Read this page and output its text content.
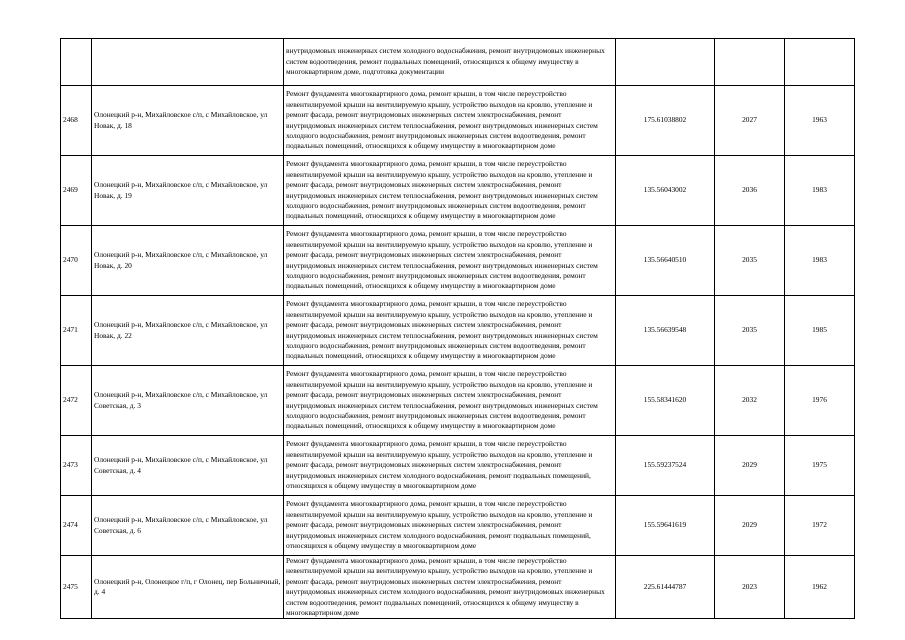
		внутридомовых инженерных систем холодного водоснабжения, ремонт внутридомовых инженерных систем водоотведения, ремонт подвальных помещений, относящихся к общему имуществу в многоквартирном доме, подготовка документации			
2468	Олонецкий р-н, Михайловское с/п, с Михайловское, ул Новак, д. 18	Ремонт фундамента многоквартирного дома, ремонт крыши, в том числе переустройство невентилируемой крыши на вентилируемую крышу, устройство выходов на кровлю, утепление и ремонт фасада, ремонт внутридомовых инженерных систем электроснабжения, ремонт внутридомовых инженерных систем теплоснабжения, ремонт внутридомовых инженерных систем холодного водоснабжения, ремонт внутридомовых инженерных систем водоотведения, ремонт подвальных помещений, относящихся к общему имуществу в многоквартирном доме	175.61038802	2027	1963
2469	Олонецкий р-н, Михайловское с/п, с Михайловское, ул Новак, д. 19	Ремонт фундамента многоквартирного дома, ремонт крыши, в том числе переустройство невентилируемой крыши на вентилируемую крышу, устройство выходов на кровлю, утепление и ремонт фасада, ремонт внутридомовых инженерных систем электроснабжения, ремонт внутридомовых инженерных систем теплоснабжения, ремонт внутридомовых инженерных систем холодного водоснабжения, ремонт внутридомовых инженерных систем водоотведения, ремонт подвальных помещений, относящихся к общему имуществу в многоквартирном доме	135.56043002	2036	1983
2470	Олонецкий р-н, Михайловское с/п, с Михайловское, ул Новак, д. 20	Ремонт фундамента многоквартирного дома, ремонт крыши, в том числе переустройство невентилируемой крыши на вентилируемую крышу, устройство выходов на кровлю, утепление и ремонт фасада, ремонт внутридомовых инженерных систем электроснабжения, ремонт внутридомовых инженерных систем теплоснабжения, ремонт внутридомовых инженерных систем холодного водоснабжения, ремонт внутридомовых инженерных систем водоотведения, ремонт подвальных помещений, относящихся к общему имуществу в многоквартирном доме	135.56640510	2035	1983
2471	Олонецкий р-н, Михайловское с/п, с Михайловское, ул Новак, д. 22	Ремонт фундамента многоквартирного дома, ремонт крыши, в том числе переустройство невентилируемой крыши на вентилируемую крышу, устройство выходов на кровлю, утепление и ремонт фасада, ремонт внутридомовых инженерных систем электроснабжения, ремонт внутридомовых инженерных систем теплоснабжения, ремонт внутридомовых инженерных систем холодного водоснабжения, ремонт внутридомовых инженерных систем водоотведения, ремонт подвальных помещений, относящихся к общему имуществу в многоквартирном доме	135.56639548	2035	1985
2472	Олонецкий р-н, Михайловское с/п, с Михайловское, ул Советская, д. 3	Ремонт фундамента многоквартирного дома, ремонт крыши, в том числе переустройство невентилируемой крыши на вентилируемую крышу, устройство выходов на кровлю, утепление и ремонт фасада, ремонт внутридомовых инженерных систем электроснабжения, ремонт внутридомовых инженерных систем теплоснабжения, ремонт внутридомовых инженерных систем холодного водоснабжения, ремонт внутридомовых инженерных систем водоотведения, ремонт подвальных помещений, относящихся к общему имуществу в многоквартирном доме	155.58341620	2032	1976
2473	Олонецкий р-н, Михайловское с/п, с Михайловское, ул Советская, д. 4	Ремонт фундамента многоквартирного дома, ремонт крыши, в том числе переустройство невентилируемой крыши на вентилируемую крышу, устройство выходов на кровлю, утепление и ремонт фасада, ремонт внутридомовых инженерных систем электроснабжения, ремонт внутридомовых инженерных систем холодного водоснабжения, ремонт подвальных помещений, относящихся к общему имуществу в многоквартирном доме	155.59237524	2029	1975
2474	Олонецкий р-н, Михайловское с/п, с Михайловское, ул Советская, д. 6	Ремонт фундамента многоквартирного дома, ремонт крыши, в том числе переустройство невентилируемой крыши на вентилируемую крышу, устройство выходов на кровлю, утепление и ремонт фасада, ремонт внутридомовых инженерных систем электроснабжения, ремонт внутридомовых инженерных систем холодного водоснабжения, ремонт подвальных помещений, относящихся к общему имуществу в многоквартирном доме	155.59641619	2029	1972
2475	Олонецкий р-н, Олонецкое г/п, г Олонец, пер Больничный, д. 4	Ремонт фундамента многоквартирного дома, ремонт крыши, в том числе переустройство невентилируемой крыши на вентилируемую крышу, устройство выходов на кровлю, утепление и ремонт фасада, ремонт внутридомовых инженерных систем электроснабжения, ремонт внутридомовых инженерных систем холодного водоснабжения, ремонт внутридомовых инженерных систем водоотведения, ремонт подвальных помещений, относящихся к общему имуществу в многоквартирном доме	225.61444787	2023	1962
